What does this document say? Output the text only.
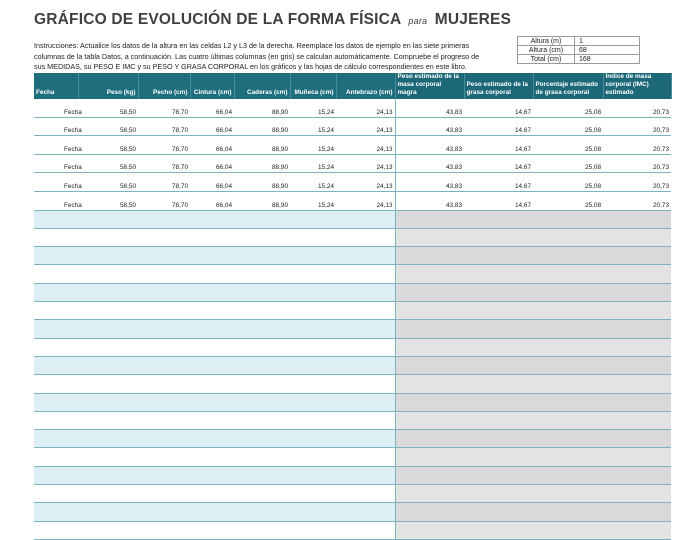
GRÁFICO DE EVOLUCIÓN DE LA FORMA FÍSICA para MUJERES
Instrucciones: Actualice los datos de la altura en las celdas L2 y L3 de la derecha. Reemplace los datos de ejemplo en las siete primeras columnas de la tabla Datos, a continuación. Las cuatro últimas columnas (en gris) se calculan automáticamente. Compruebe el progreso de sus MEDIDAS, su PESO E IMC y su PESO Y GRASA CORPORAL en los gráficos y las hojas de cálculo correspondientes en este libro.
Altura (m)	1
Altura (cm)	68
Total (cm)	168
Fecha	Peso (kg)	Pecho (cm)	Cintura (cm)	Caderas (cm)	Muñeca (cm)	Antebrazo (cm)	Peso estimado de la masa corporal magra	Peso estimado de la grasa corporal	Porcentaje estimado de grasa corporal	Índice de masa corporal (IMC) estimado
Fecha	58,50	78,70	66,04	88,90	15,24	24,13	43,83	14,67	25,08	20,73
Fecha	58,50	78,70	66,04	88,90	15,24	24,13	43,83	14,67	25,08	20,73
Fecha	58,50	78,70	66,04	88,90	15,24	24,13	43,83	14,67	25,08	20,73
Fecha	58,50	78,70	66,04	88,90	15,24	24,13	43,83	14,67	25,08	20,73
Fecha	58,50	78,70	66,04	88,90	15,24	24,13	43,83	14,67	25,08	20,73
Fecha	58,50	78,70	66,04	88,90	15,24	24,13	43,83	14,67	25,08	20,73
